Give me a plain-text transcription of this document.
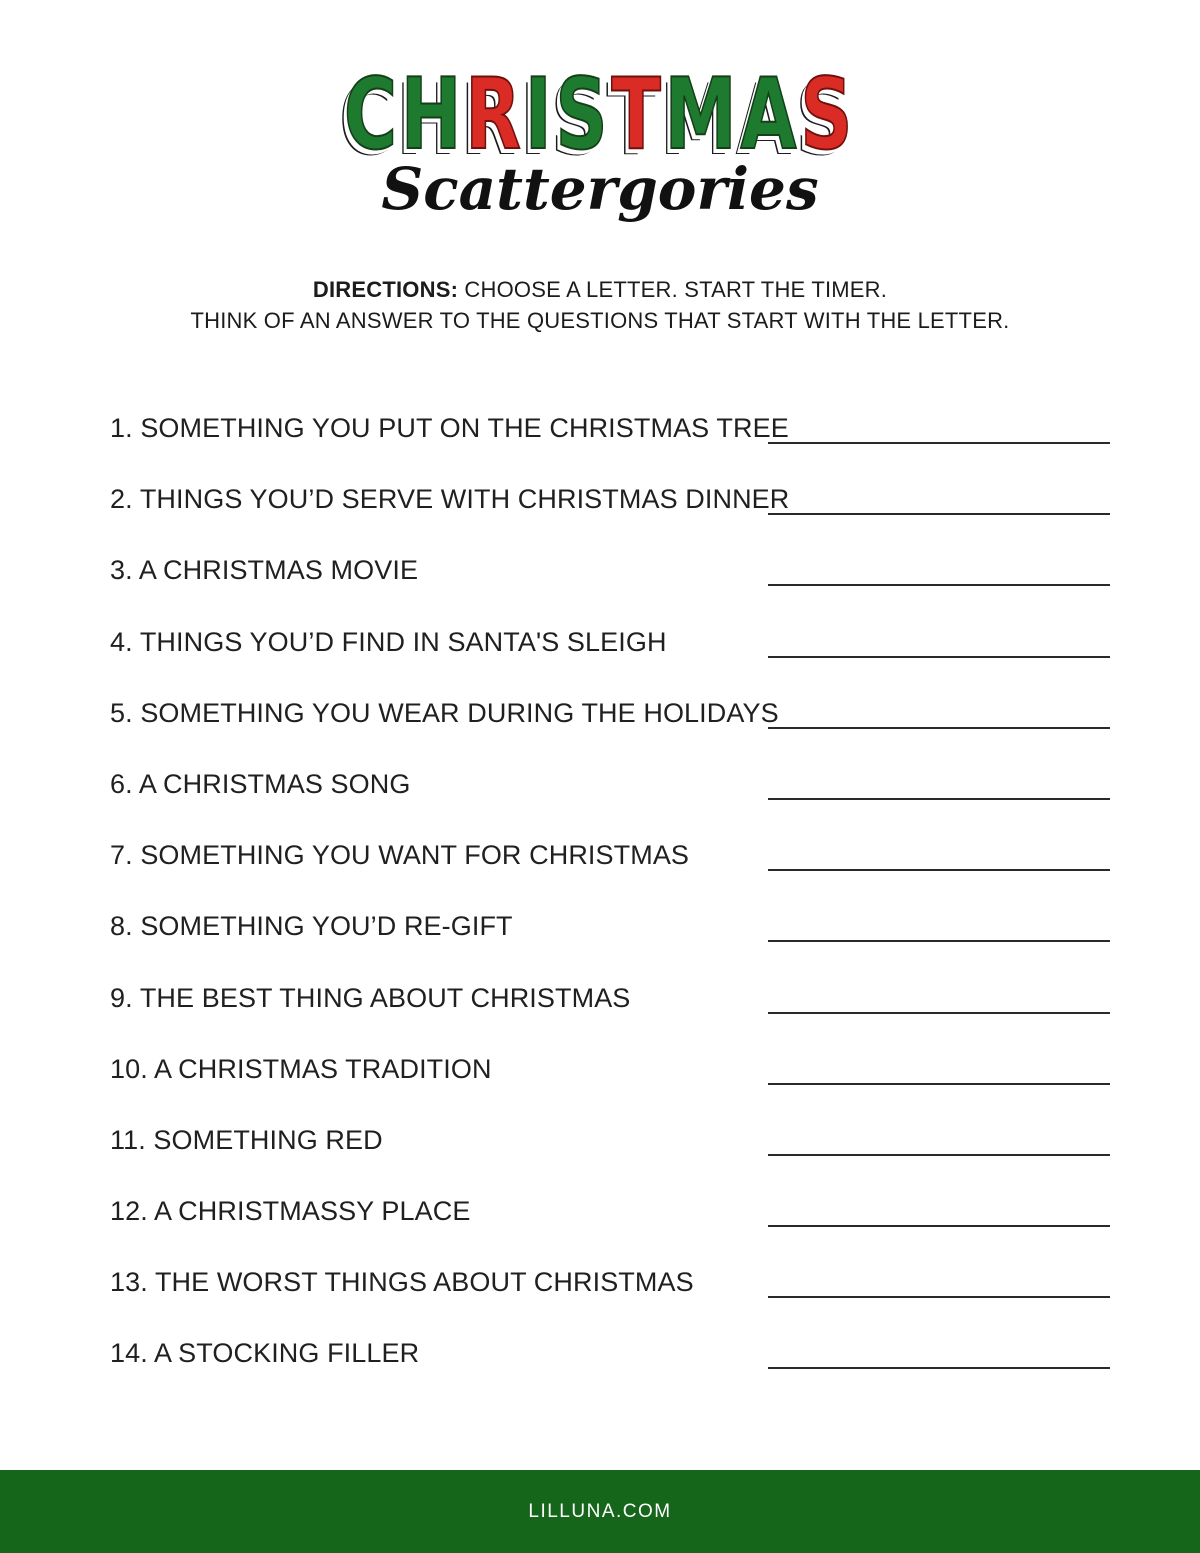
CHRISTMAS
Scattergories

DIRECTIONS: CHOOSE A LETTER. START THE TIMER.
THINK OF AN ANSWER TO THE QUESTIONS THAT START WITH THE LETTER.

1. SOMETHING YOU PUT ON THE CHRISTMAS TREE
2. THINGS YOU’D SERVE WITH CHRISTMAS DINNER
3. A CHRISTMAS MOVIE
4. THINGS YOU’D FIND IN SANTA'S SLEIGH
5. SOMETHING YOU WEAR DURING THE HOLIDAYS
6. A CHRISTMAS SONG
7. SOMETHING YOU WANT FOR CHRISTMAS
8. SOMETHING YOU’D RE-GIFT
9. THE BEST THING ABOUT CHRISTMAS
10. A CHRISTMAS TRADITION
11. SOMETHING RED
12. A CHRISTMASSY PLACE
13. THE WORST THINGS ABOUT CHRISTMAS
14. A STOCKING FILLER
LILLUNA.COM
